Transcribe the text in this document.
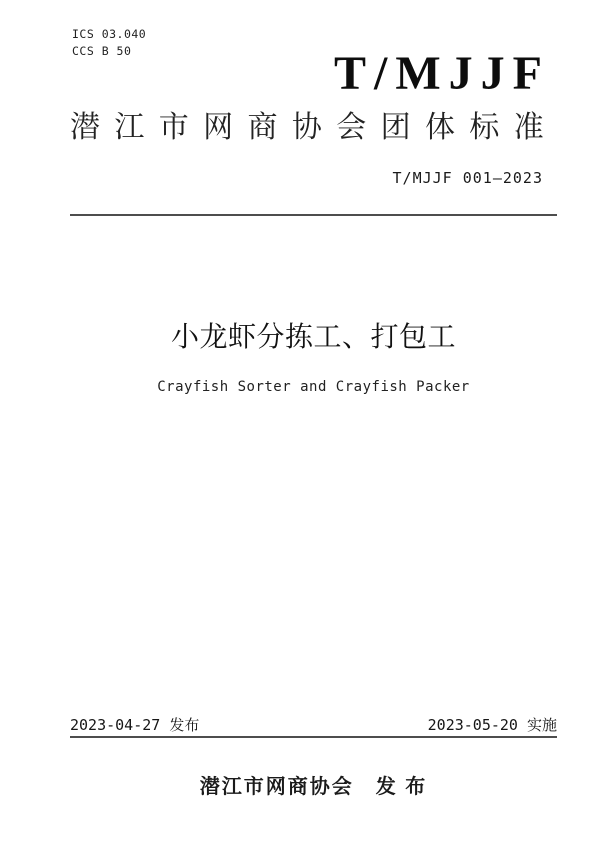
ICS 03.040
CCS B 50	T/MJJF
潜江市网商协会团体标准
T/MJJF 001—2023
小龙虾分拣工、打包工
Crayfish Sorter and Crayfish Packer
2023-04-27 发布	2023-05-20 实施
潜江市网商协会　发 布
